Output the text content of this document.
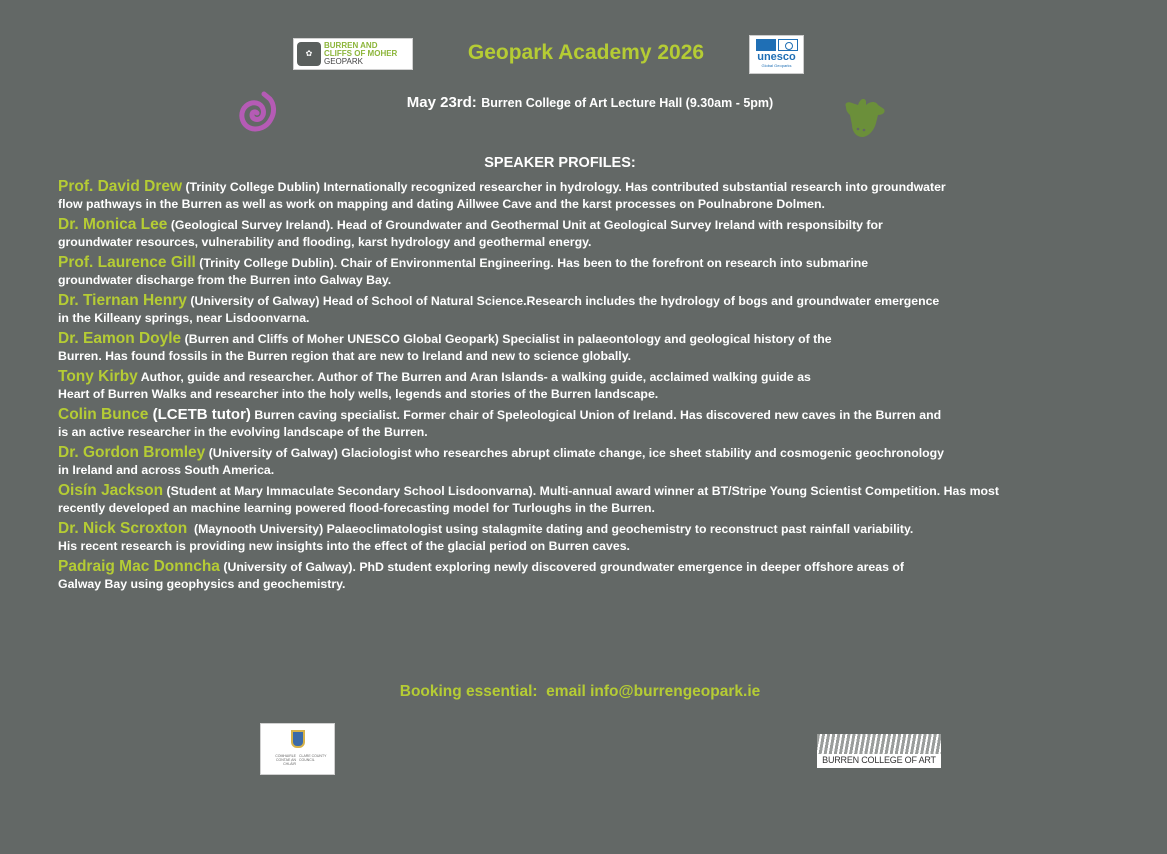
✿
BURREN AND
CLIFFS OF MOHER
GEOPARK	Geopark Academy 2026	unesco
Global Geoparks
May 23rd: Burren College of Art Lecture Hall (9.30am - 5pm)
SPEAKER PROFILES:
Prof. David Drew (Trinity College Dublin) Internationally recognized researcher in hydrology. Has contributed substantial research into groundwater
flow pathways in the Burren as well as work on mapping and dating Aillwee Cave and the karst processes on Poulnabrone Dolmen.
Dr. Monica Lee (Geological Survey Ireland). Head of Groundwater and Geothermal Unit at Geological Survey Ireland with responsibilty for
groundwater resources, vulnerability and flooding, karst hydrology and geothermal energy.
Prof. Laurence Gill (Trinity College Dublin). Chair of Environmental Engineering. Has been to the forefront on research into submarine
groundwater discharge from the Burren into Galway Bay.
Dr. Tiernan Henry (University of Galway) Head of School of Natural Science.Research includes the hydrology of bogs and groundwater emergence
in the Killeany springs, near Lisdoonvarna.
Dr. Eamon Doyle (Burren and Cliffs of Moher UNESCO Global Geopark) Specialist in palaeontology and geological history of the
Burren. Has found fossils in the Burren region that are new to Ireland and new to science globally.
Tony Kirby Author, guide and researcher. Author of The Burren and Aran Islands- a walking guide, acclaimed walking guide as
Heart of Burren Walks and researcher into the holy wells, legends and stories of the Burren landscape.
Colin Bunce (LCETB tutor) Burren caving specialist. Former chair of Speleological Union of Ireland. Has discovered new caves in the Burren and
is an active researcher in the evolving landscape of the Burren.
Dr. Gordon Bromley (University of Galway) Glaciologist who researches abrupt climate change, ice sheet stability and cosmogenic geochronology
in Ireland and across South America.
Oisín Jackson (Student at Mary Immaculate Secondary School Lisdoonvarna). Multi-annual award winner at BT/Stripe Young Scientist Competition. Has most
recently developed an machine learning powered flood-forecasting model for Turloughs in the Burren.
Dr. Nick Scroxton  (Maynooth University) Palaeoclimatologist using stalagmite dating and geochemistry to reconstruct past rainfall variability.
His recent research is providing new insights into the effect of the glacial period on Burren caves.
Padraig Mac Donncha (University of Galway). PhD student exploring newly discovered groundwater emergence in deeper offshore areas of
Galway Bay using geophysics and geochemistry.
Booking essential:  email info@burrengeopark.ie
COMHAIRLE CONTAE AN CHLÁIR
CLARE COUNTY COUNCIL	BURREN COLLEGE OF ART
